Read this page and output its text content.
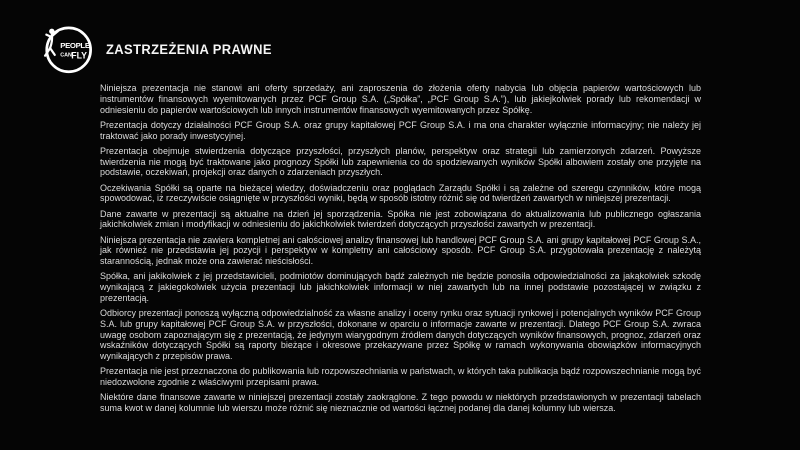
PEOPLE
CAN FLY ZASTRZEŻENIA PRAWNE

Niniejsza prezentacja nie stanowi ani oferty sprzedaży, ani zaproszenia do złożenia oferty nabycia lub objęcia papierów wartościowych lub instrumentów finansowych wyemitowanych przez PCF Group S.A. („Spółka”, „PCF Group S.A.”), lub jakiejkolwiek porady lub rekomendacji w odniesieniu do papierów wartościowych lub innych instrumentów finansowych wyemitowanych przez Spółkę.

Prezentacja dotyczy działalności PCF Group S.A. oraz grupy kapitałowej PCF Group S.A. i ma ona charakter wyłącznie informacyjny; nie należy jej traktować jako porady inwestycyjnej.

Prezentacja obejmuje stwierdzenia dotyczące przyszłości, przyszłych planów, perspektyw oraz strategii lub zamierzonych zdarzeń. Powyższe twierdzenia nie mogą być traktowane jako prognozy Spółki lub zapewnienia co do spodziewanych wyników Spółki albowiem zostały one przyjęte na podstawie, oczekiwań, projekcji oraz danych o zdarzeniach przyszłych.

Oczekiwania Spółki są oparte na bieżącej wiedzy, doświadczeniu oraz poglądach Zarządu Spółki i są zależne od szeregu czynników, które mogą spowodować, iż rzeczywiście osiągnięte w przyszłości wyniki, będą w sposób istotny różnić się od twierdzeń zawartych w niniejszej prezentacji.

Dane zawarte w prezentacji są aktualne na dzień jej sporządzenia. Spółka nie jest zobowiązana do aktualizowania lub publicznego ogłaszania jakichkolwiek zmian i modyfikacji w odniesieniu do jakichkolwiek twierdzeń dotyczących przyszłości zawartych w prezentacji.

Niniejsza prezentacja nie zawiera kompletnej ani całościowej analizy finansowej lub handlowej PCF Group S.A. ani grupy kapitałowej PCF Group S.A., jak również nie przedstawia jej pozycji i perspektyw w kompletny ani całościowy sposób. PCF Group S.A. przygotowała prezentację z należytą starannością, jednak może ona zawierać nieścisłości.

Spółka, ani jakikolwiek z jej przedstawicieli, podmiotów dominujących bądź zależnych nie będzie ponosiła odpowiedzialności za jakąkolwiek szkodę wynikającą z jakiegokolwiek użycia prezentacji lub jakichkolwiek informacji w niej zawartych lub na innej podstawie pozostającej w związku z prezentacją.

Odbiorcy prezentacji ponoszą wyłączną odpowiedzialność za własne analizy i oceny rynku oraz sytuacji rynkowej i potencjalnych wyników PCF Group S.A. lub grupy kapitałowej PCF Group S.A. w przyszłości, dokonane w oparciu o informacje zawarte w prezentacji. Dlatego PCF Group S.A. zwraca uwagę osobom zapoznającym się z prezentacją, że jedynym wiarygodnym źródłem danych dotyczących wyników finansowych, prognoz, zdarzeń oraz wskaźników dotyczących Spółki są raporty bieżące i okresowe przekazywane przez Spółkę w ramach wykonywania obowiązków informacyjnych wynikających z przepisów prawa.

Prezentacja nie jest przeznaczona do publikowania lub rozpowszechniania w państwach, w których taka publikacja bądź rozpowszechnianie mogą być niedozwolone zgodnie z właściwymi przepisami prawa.

Niektóre dane finansowe zawarte w niniejszej prezentacji zostały zaokrąglone. Z tego powodu w niektórych przedstawionych w prezentacji tabelach suma kwot w danej kolumnie lub wierszu może różnić się nieznacznie od wartości łącznej podanej dla danej kolumny lub wiersza.
